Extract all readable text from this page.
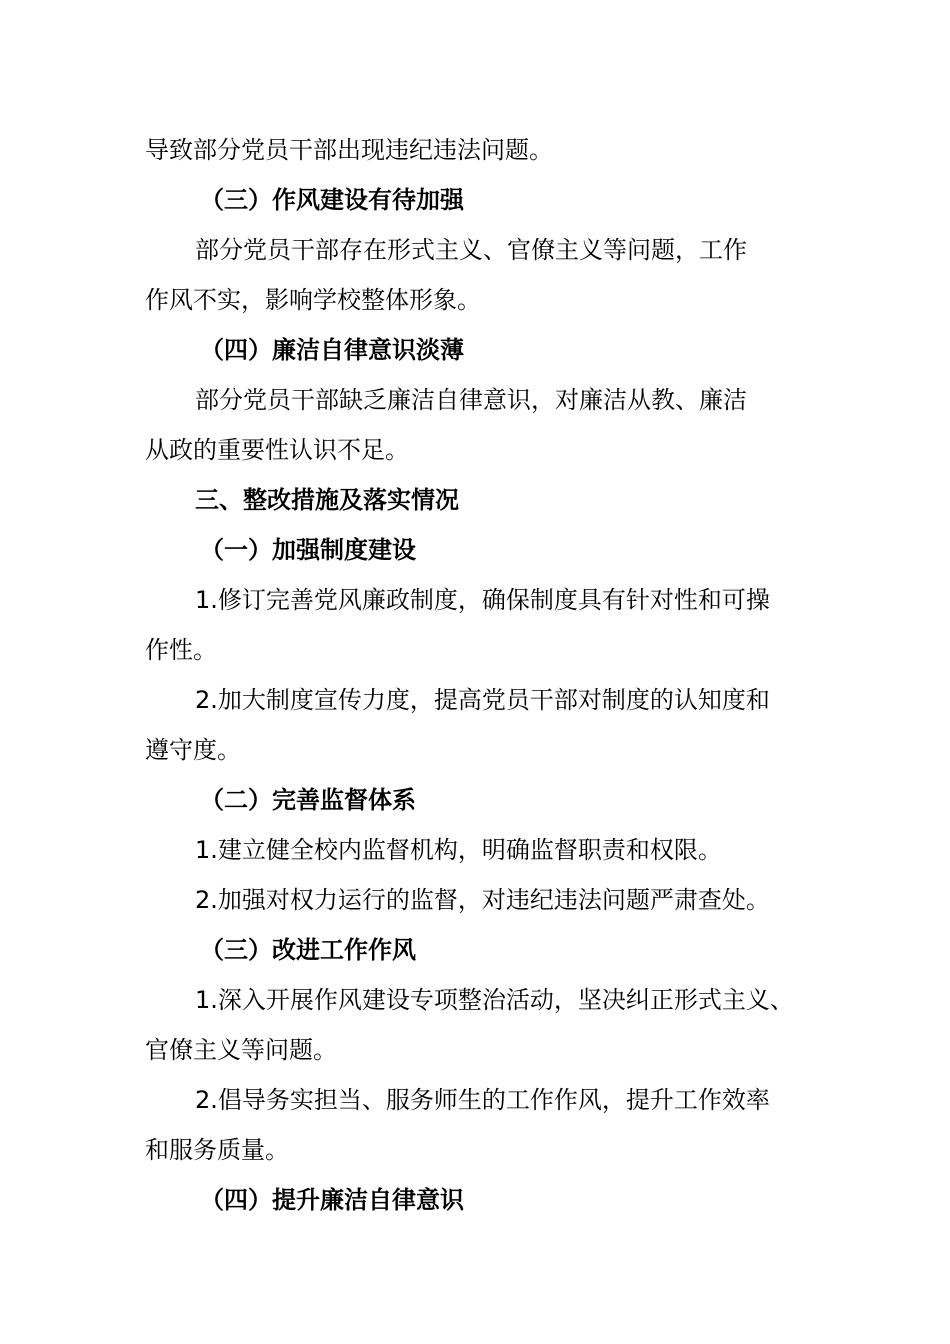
导致部分党员干部出现违纪违法问题。
（三）作风建设有待加强
部分党员干部存在形式主义、官僚主义等问题，工作
作风不实，影响学校整体形象。
（四）廉洁自律意识淡薄
部分党员干部缺乏廉洁自律意识，对廉洁从教、廉洁
从政的重要性认识不足。
三、整改措施及落实情况
（一）加强制度建设
1.修订完善党风廉政制度，确保制度具有针对性和可操
作性。
2.加大制度宣传力度，提高党员干部对制度的认知度和
遵守度。
（二）完善监督体系
1.建立健全校内监督机构，明确监督职责和权限。
2.加强对权力运行的监督，对违纪违法问题严肃查处。
（三）改进工作作风
1.深入开展作风建设专项整治活动，坚决纠正形式主义、
官僚主义等问题。
2.倡导务实担当、服务师生的工作作风，提升工作效率
和服务质量。
（四）提升廉洁自律意识
